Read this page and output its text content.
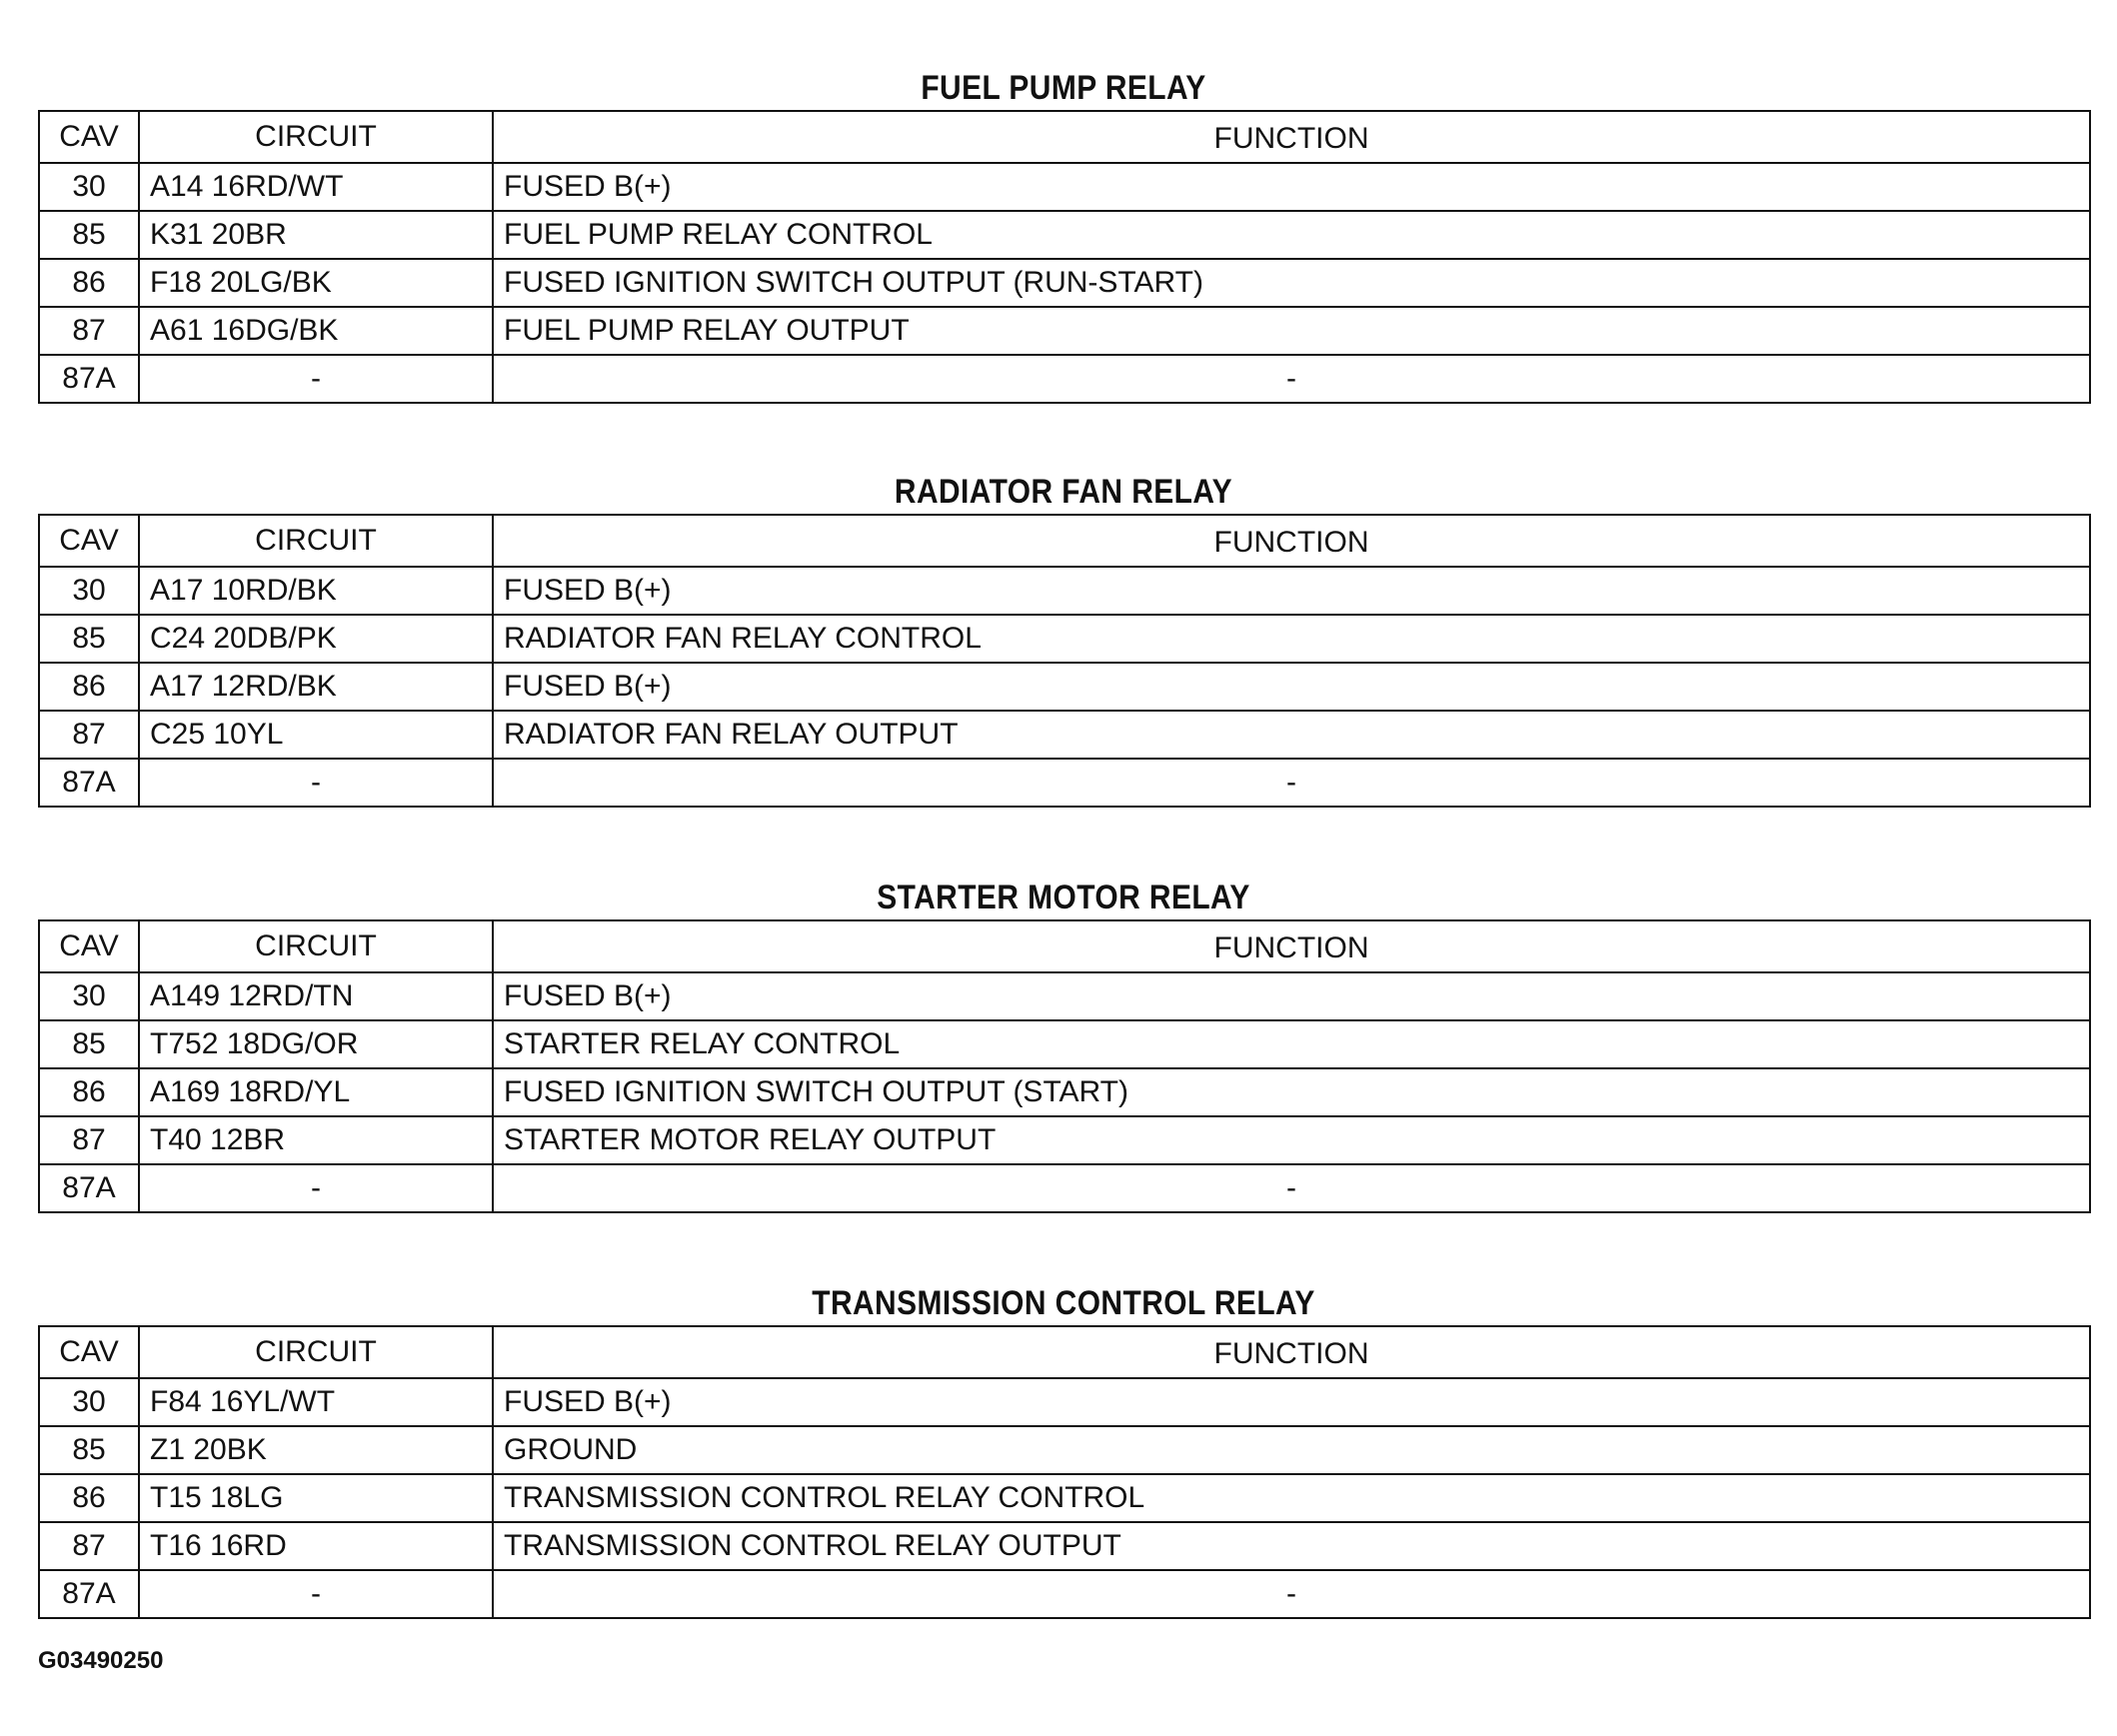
FUEL PUMP RELAY
CAV	CIRCUIT	FUNCTION
30	A14 16RD/WT	FUSED B(+)
85	K31 20BR	FUEL PUMP RELAY CONTROL
86	F18 20LG/BK	FUSED IGNITION SWITCH OUTPUT (RUN-START)
87	A61 16DG/BK	FUEL PUMP RELAY OUTPUT
87A	-	-
RADIATOR FAN RELAY
CAV	CIRCUIT	FUNCTION
30	A17 10RD/BK	FUSED B(+)
85	C24 20DB/PK	RADIATOR FAN RELAY CONTROL
86	A17 12RD/BK	FUSED B(+)
87	C25 10YL	RADIATOR FAN RELAY OUTPUT
87A	-	-
STARTER MOTOR RELAY
CAV	CIRCUIT	FUNCTION
30	A149 12RD/TN	FUSED B(+)
85	T752 18DG/OR	STARTER RELAY CONTROL
86	A169 18RD/YL	FUSED IGNITION SWITCH OUTPUT (START)
87	T40 12BR	STARTER MOTOR RELAY OUTPUT
87A	-	-
TRANSMISSION CONTROL RELAY
CAV	CIRCUIT	FUNCTION
30	F84 16YL/WT	FUSED B(+)
85	Z1 20BK	GROUND
86	T15 18LG	TRANSMISSION CONTROL RELAY CONTROL
87	T16 16RD	TRANSMISSION CONTROL RELAY OUTPUT
87A	-	-
G03490250
